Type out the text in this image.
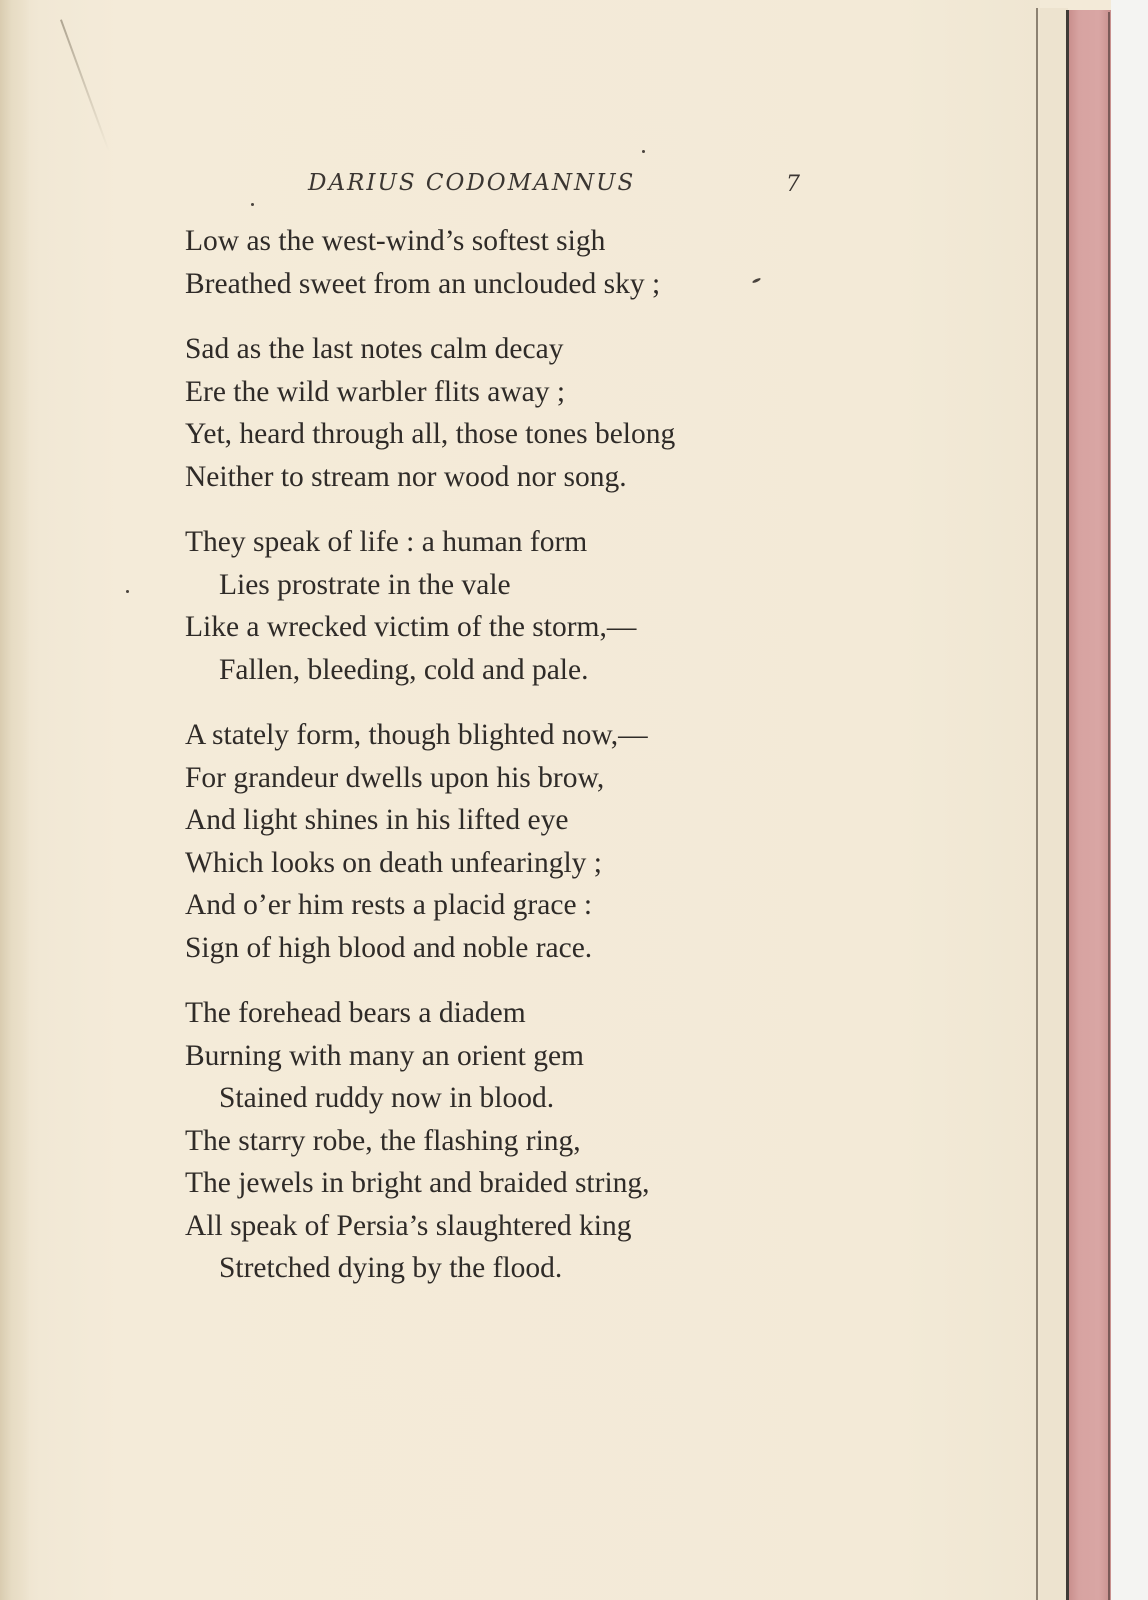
DARIUS CODOMANNUS	7
Low as the west-wind’s softest sigh
Breathed sweet from an unclouded sky ;
Sad as the last notes calm decay
Ere the wild warbler flits away ;
Yet, heard through all, those tones belong
Neither to stream nor wood nor song.
They speak of life : a human form
Lies prostrate in the vale
Like a wrecked victim of the storm,—
Fallen, bleeding, cold and pale.
A stately form, though blighted now,—
For grandeur dwells upon his brow,
And light shines in his lifted eye
Which looks on death unfearingly ;
And o’er him rests a placid grace :
Sign of high blood and noble race.
The forehead bears a diadem
Burning with many an orient gem
Stained ruddy now in blood.
The starry robe, the flashing ring,
The jewels in bright and braided string,
All speak of Persia’s slaughtered king
Stretched dying by the flood.
